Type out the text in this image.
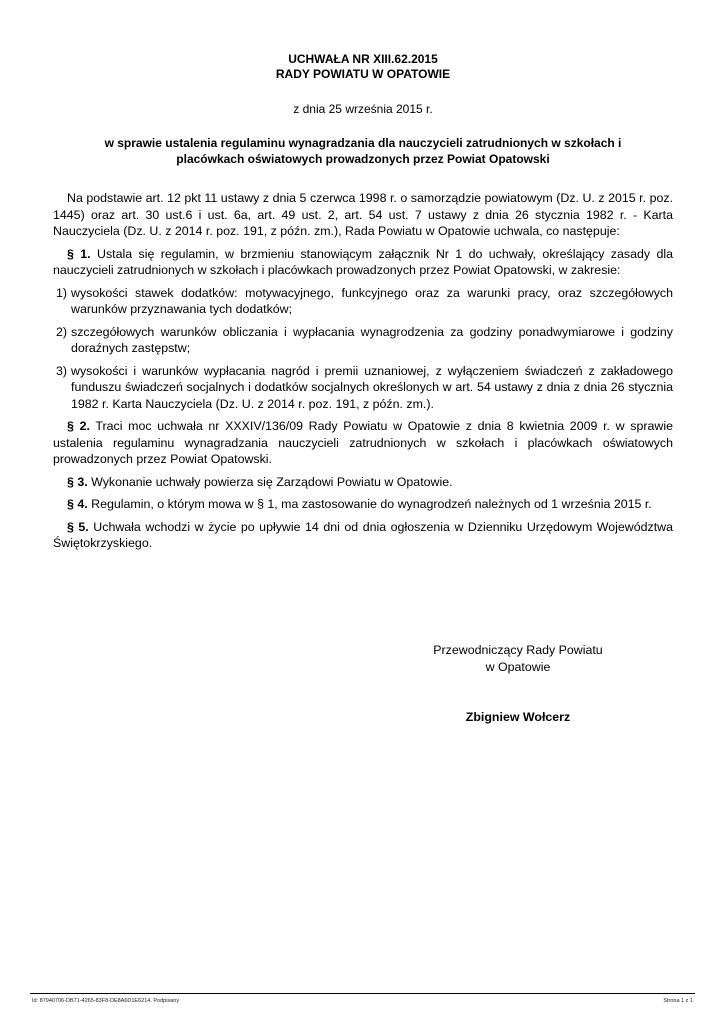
UCHWAŁA NR XIII.62.2015
RADY POWIATU W OPATOWIE
z dnia 25 września 2015 r.
w sprawie ustalenia regulaminu wynagradzania dla nauczycieli zatrudnionych w szkołach i placówkach oświatowych prowadzonych przez Powiat Opatowski

Na podstawie art. 12 pkt 11 ustawy z dnia 5 czerwca 1998 r. o samorządzie powiatowym (Dz. U. z 2015 r. poz. 1445) oraz art. 30 ust.6 i ust. 6a, art. 49 ust. 2, art. 54 ust. 7 ustawy z dnia 26 stycznia 1982 r. - Karta Nauczyciela (Dz. U. z 2014 r. poz. 191, z późn. zm.), Rada Powiatu w Opatowie uchwala, co następuje:

§ 1. Ustala się regulamin, w brzmieniu stanowiącym załącznik Nr 1 do uchwały, określający zasady dla nauczycieli zatrudnionych w szkołach i placówkach prowadzonych przez Powiat Opatowski, w zakresie:

1) wysokości stawek dodatków: motywacyjnego, funkcyjnego oraz za warunki pracy, oraz szczegółowych warunków przyznawania tych dodatków;
2) szczegółowych warunków obliczania i wypłacania wynagrodzenia za godziny ponadwymiarowe i godziny doraźnych zastępstw;
3) wysokości i warunków wypłacania nagród i premii uznaniowej, z wyłączeniem świadczeń z zakładowego funduszu świadczeń socjalnych i dodatków socjalnych określonych w art. 54 ustawy z dnia z dnia 26 stycznia 1982 r. Karta Nauczyciela (Dz. U. z 2014 r. poz. 191, z późn. zm.).

§ 2. Traci moc uchwała nr XXXIV/136/09 Rady Powiatu w Opatowie z dnia 8 kwietnia 2009 r. w sprawie ustalenia regulaminu wynagradzania nauczycieli zatrudnionych w szkołach i placówkach oświatowych prowadzonych przez Powiat Opatowski.

§ 3. Wykonanie uchwały powierza się Zarządowi Powiatu w Opatowie.

§ 4. Regulamin, o którym mowa w § 1, ma zastosowanie do wynagrodzeń należnych od 1 września 2015 r.

§ 5. Uchwała wchodzi w życie po upływie 14 dni od dnia ogłoszenia w Dzienniku Urzędowym Województwa Świętokrzyskiego.

Przewodniczący Rady Powiatu
w Opatowie
Zbigniew Wołcerz
Id: 87940706-DB71-4265-83F8-DE8A6D1E6214. Podpisany	Strona 1 z 1
